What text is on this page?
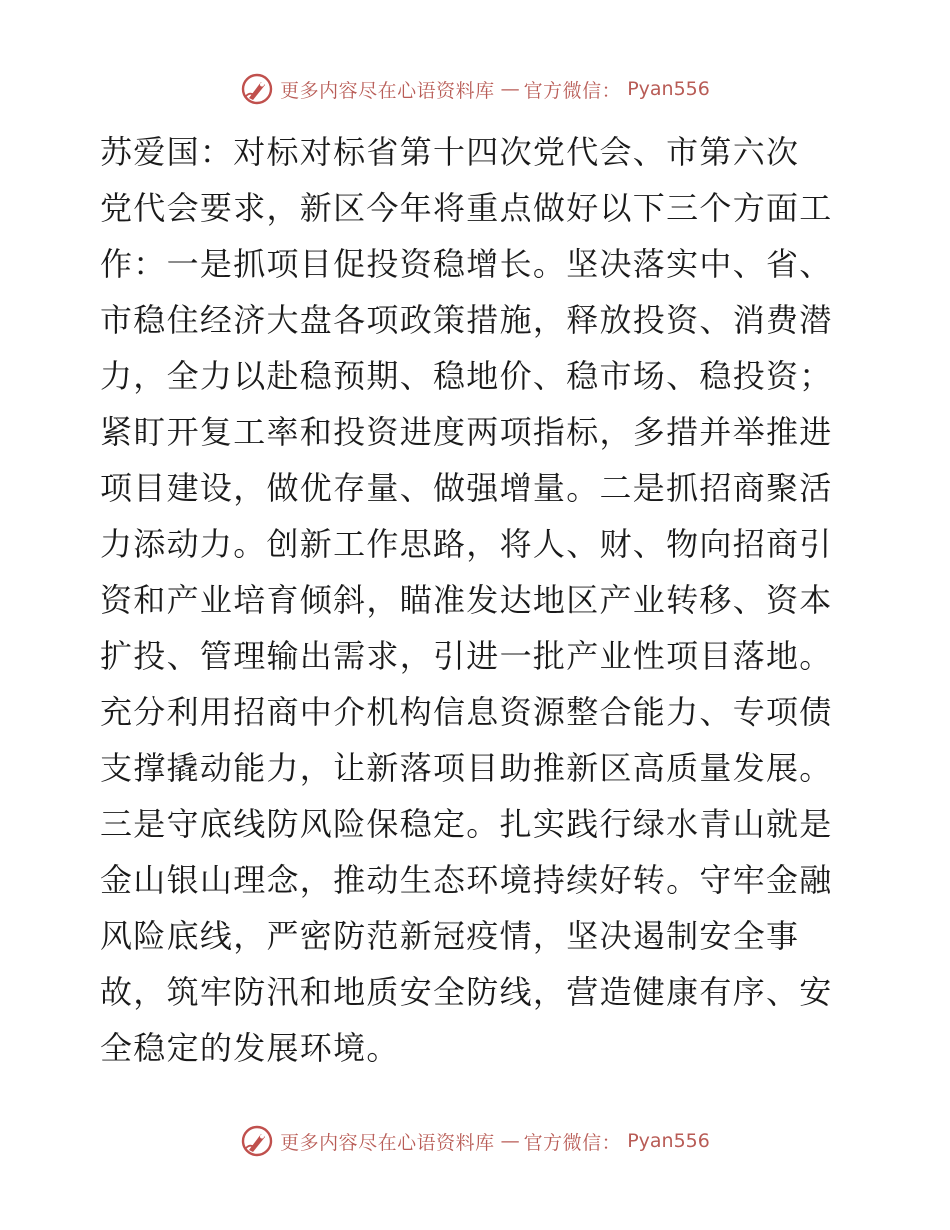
更多内容尽在心语资料库 — 官方微信： Pyan556
苏爱国：对标对标省第十四次党代会、市第六次
党代会要求，新区今年将重点做好以下三个方面工
作：一是抓项目促投资稳增长。坚决落实中、省、
市稳住经济大盘各项政策措施，释放投资、消费潜
力，全力以赴稳预期、稳地价、稳市场、稳投资；
紧盯开复工率和投资进度两项指标，多措并举推进
项目建设，做优存量、做强增量。二是抓招商聚活
力添动力。创新工作思路，将人、财、物向招商引
资和产业培育倾斜，瞄准发达地区产业转移、资本
扩投、管理输出需求，引进一批产业性项目落地。
充分利用招商中介机构信息资源整合能力、专项债
支撑撬动能力，让新落项目助推新区高质量发展。
三是守底线防风险保稳定。扎实践行绿水青山就是
金山银山理念，推动生态环境持续好转。守牢金融
风险底线，严密防范新冠疫情，坚决遏制安全事
故，筑牢防汛和地质安全防线，营造健康有序、安
全稳定的发展环境。
更多内容尽在心语资料库 — 官方微信： Pyan556
